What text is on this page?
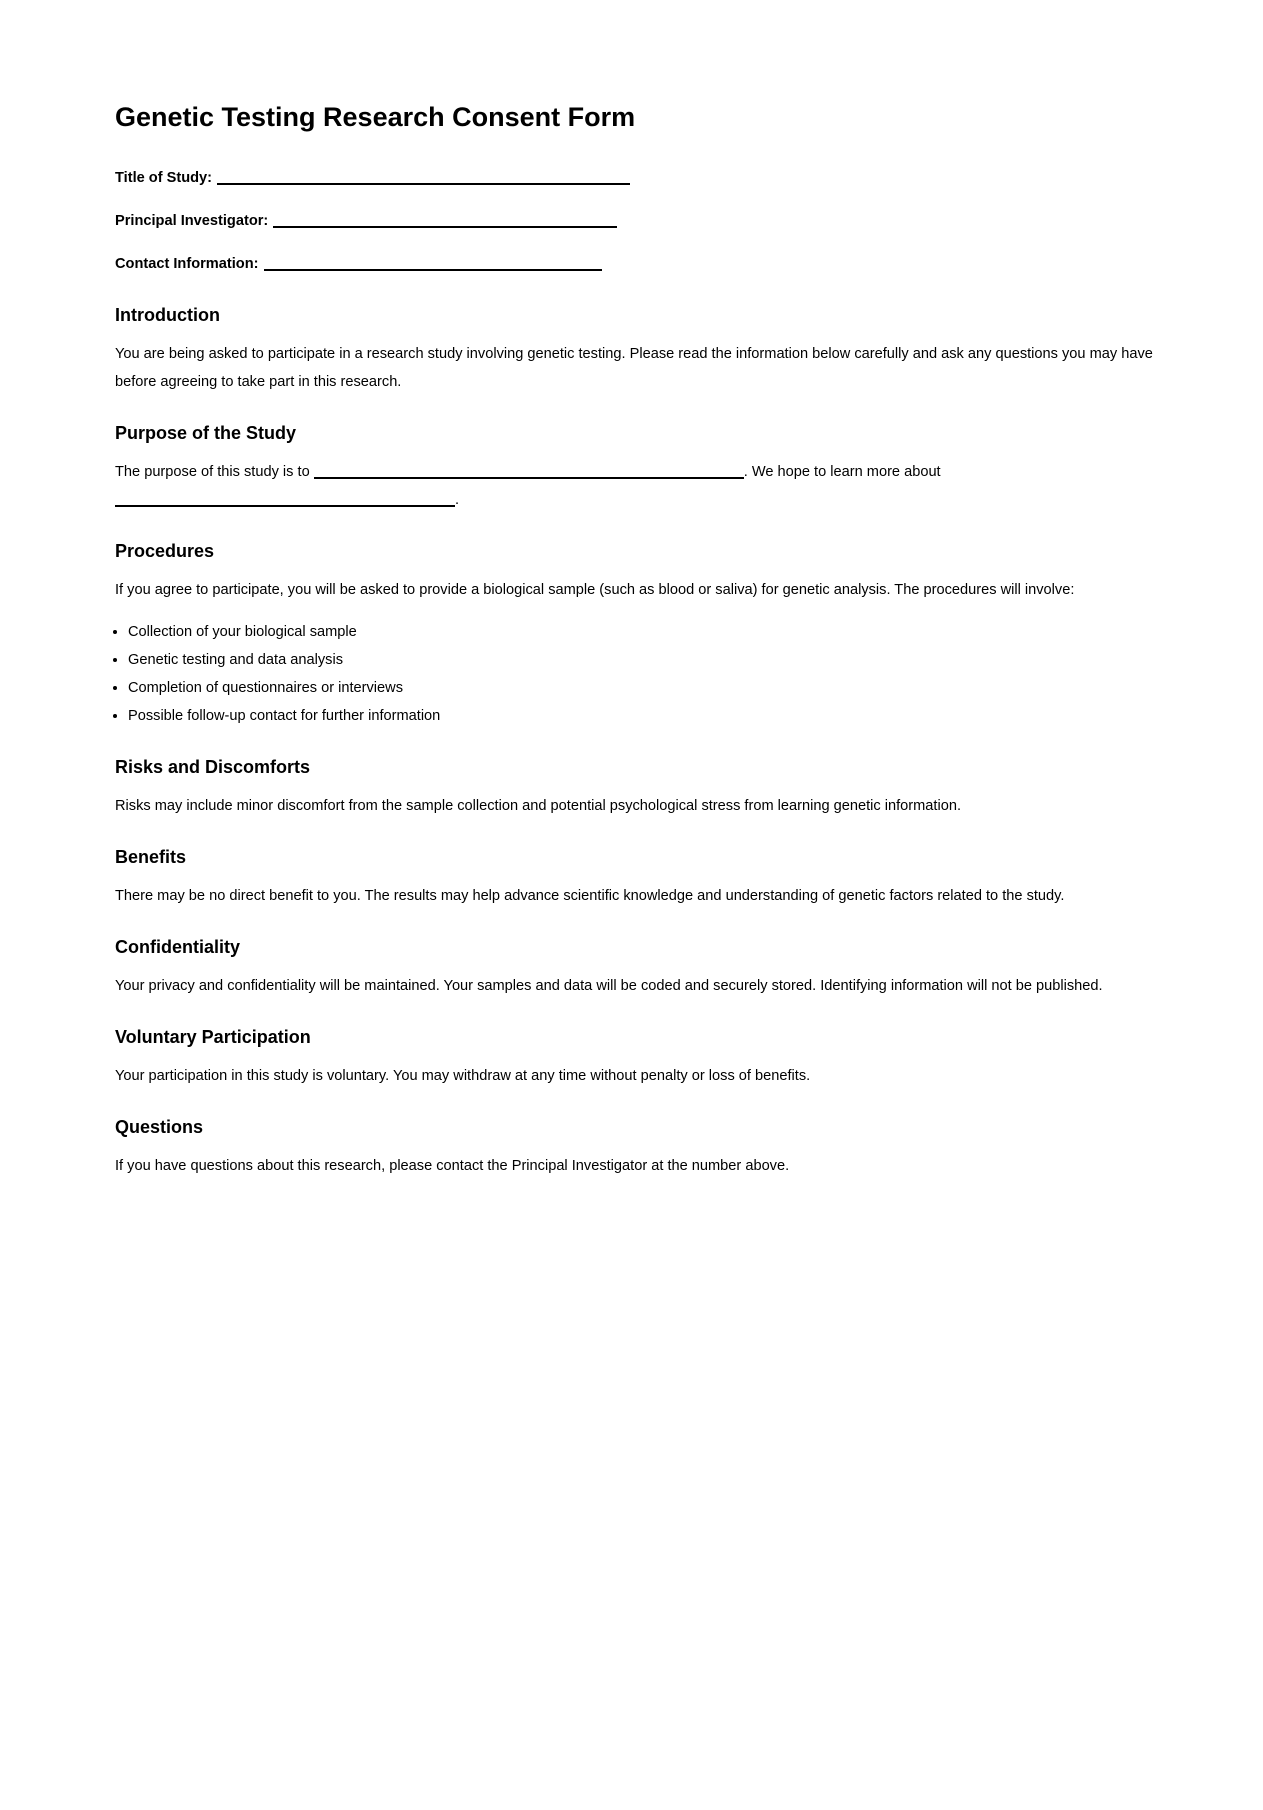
Genetic Testing Research Consent Form
Title of Study:
Principal Investigator:
Contact Information:
Introduction

You are being asked to participate in a research study involving genetic testing. Please read the information below carefully and ask any questions you may have before agreeing to take part in this research.

Purpose of the Study

The purpose of this study is to	. We hope to learn more about .

Procedures

If you agree to participate, you will be asked to provide a biological sample (such as blood or saliva) for genetic analysis. The procedures will involve:

• Collection of your biological sample
• Genetic testing and data analysis
• Completion of questionnaires or interviews
• Possible follow-up contact for further information
Risks and Discomforts

Risks may include minor discomfort from the sample collection and potential psychological stress from learning genetic information.

Benefits

There may be no direct benefit to you. The results may help advance scientific knowledge and understanding of genetic factors related to the study.

Confidentiality

Your privacy and confidentiality will be maintained. Your samples and data will be coded and securely stored. Identifying information will not be published.

Voluntary Participation

Your participation in this study is voluntary. You may withdraw at any time without penalty or loss of benefits.

Questions

If you have questions about this research, please contact the Principal Investigator at the number above.
